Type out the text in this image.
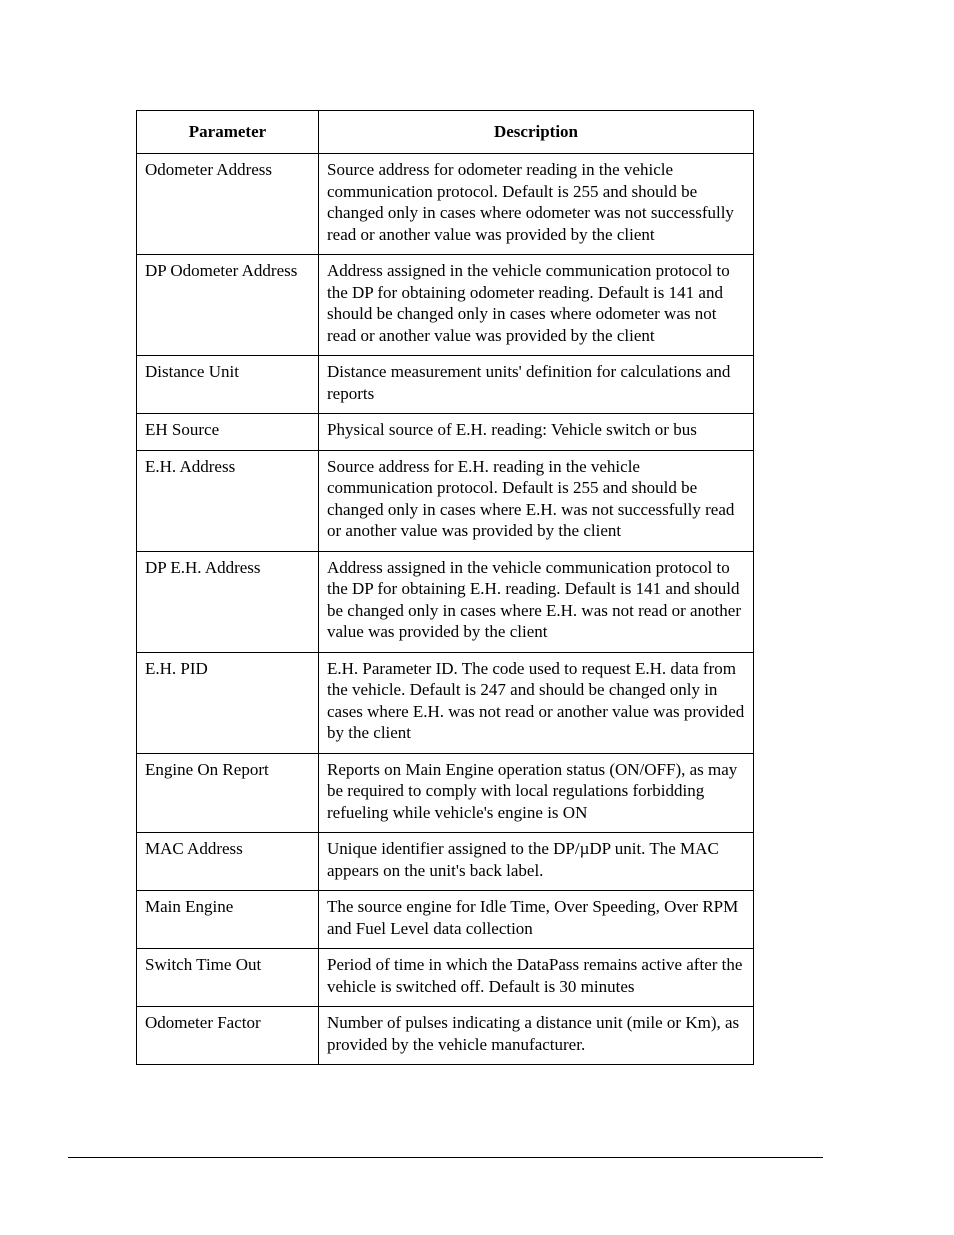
Parameter	Description
Odometer Address	Source address for odometer reading in the vehicle communication protocol. Default is 255 and should be changed only in cases where odometer was not successfully read or another value was provided by the client
DP Odometer Address	Address assigned in the vehicle communication protocol to the DP for obtaining odometer reading. Default is 141 and should be changed only in cases where odometer was not read or another value was provided by the client
Distance Unit	Distance measurement units' definition for calculations and reports
EH Source	Physical source of E.H. reading: Vehicle switch or bus
E.H. Address	Source address for E.H. reading in the vehicle communication protocol. Default is 255 and should be changed only in cases where E.H. was not successfully read or another value was provided by the client
DP E.H. Address	Address assigned in the vehicle communication protocol to the DP for obtaining E.H. reading. Default is 141 and should be changed only in cases where E.H. was not read or another value was provided by the client
E.H. PID	E.H. Parameter ID. The code used to request E.H. data from the vehicle. Default is 247 and should be changed only in cases where E.H. was not read or another value was provided by the client
Engine On Report	Reports on Main Engine operation status (ON/OFF), as may be required to comply with local regulations forbidding refueling while vehicle's engine is ON
MAC Address	Unique identifier assigned to the DP/µDP unit. The MAC appears on the unit's back label.
Main Engine	The source engine for Idle Time, Over Speeding, Over RPM and Fuel Level data collection
Switch Time Out	Period of time in which the DataPass remains active after the vehicle is switched off. Default is 30 minutes
Odometer Factor	Number of pulses indicating a distance unit (mile or Km), as provided by the vehicle manufacturer.
